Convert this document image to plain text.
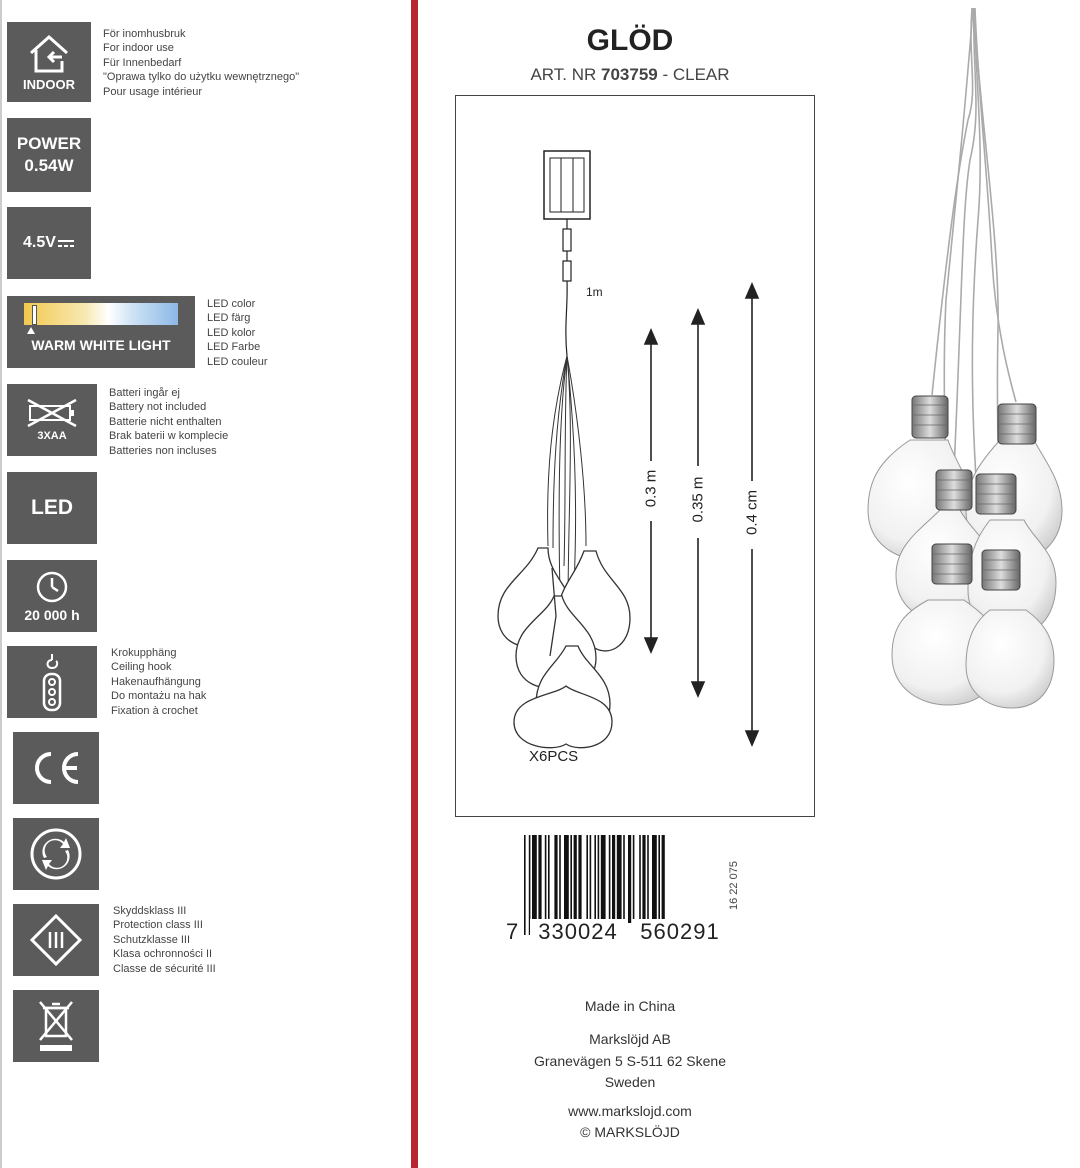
INDOOR
För inomhusbruk
For indoor use
Für Innenbedarf
"Oprawa tylko do użytku wewnętrznego"
Pour usage intérieur
POWER
0.54W
4.5V
WARM WHITE LIGHT
LED color
LED färg
LED kolor
LED Farbe
LED couleur
3XAA
Batteri ingår ej
Battery not included
Batterie nicht enthalten
Brak baterii w komplecie
Batteries non incluses
LED
20 000 h
Krokupphäng
Ceiling hook
Hakenaufhängung
Do montażu na hak
Fixation à crochet
Skyddsklass III
Protection class III
Schutzklasse III
Klasa ochronności II
Classe de sécurité III
GLÖD
ART. NR 703759 - CLEAR
1m
0.3 m 0.35 m 0.4 cm
X6PCS
7 330024	560291
16 22 075
Made in China
Markslöjd AB
Granevägen 5 S-511 62 Skene
Sweden
www.markslojd.com
© MARKSLÖJD
